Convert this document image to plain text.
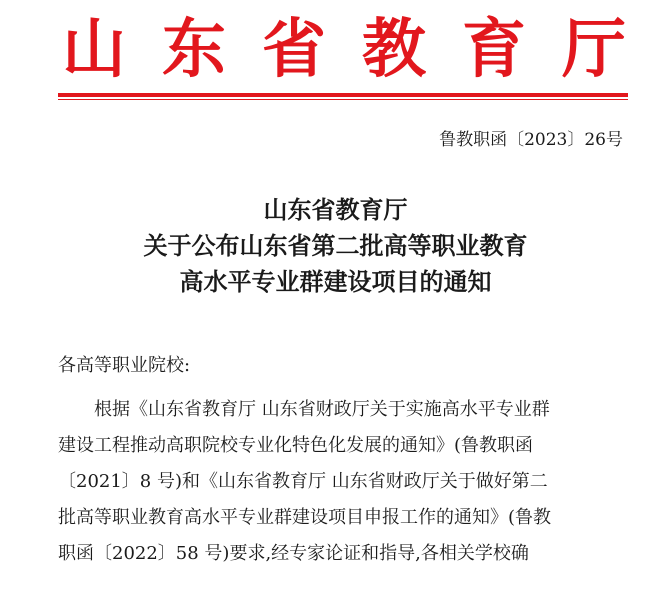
山 东 省 教 育 厅
鲁教职函〔2023〕26号
山东省教育厅
关于公布山东省第二批高等职业教育
高水平专业群建设项目的通知
各高等职业院校:
根据《山东省教育厅 山东省财政厅关于实施高水平专业群
建设工程推动高职院校专业化特色化发展的通知》(鲁教职函
〔2021〕8 号)和《山东省教育厅 山东省财政厅关于做好第二
批高等职业教育高水平专业群建设项目申报工作的通知》(鲁教
职函〔2022〕58 号)要求,经专家论证和指导,各相关学校确
